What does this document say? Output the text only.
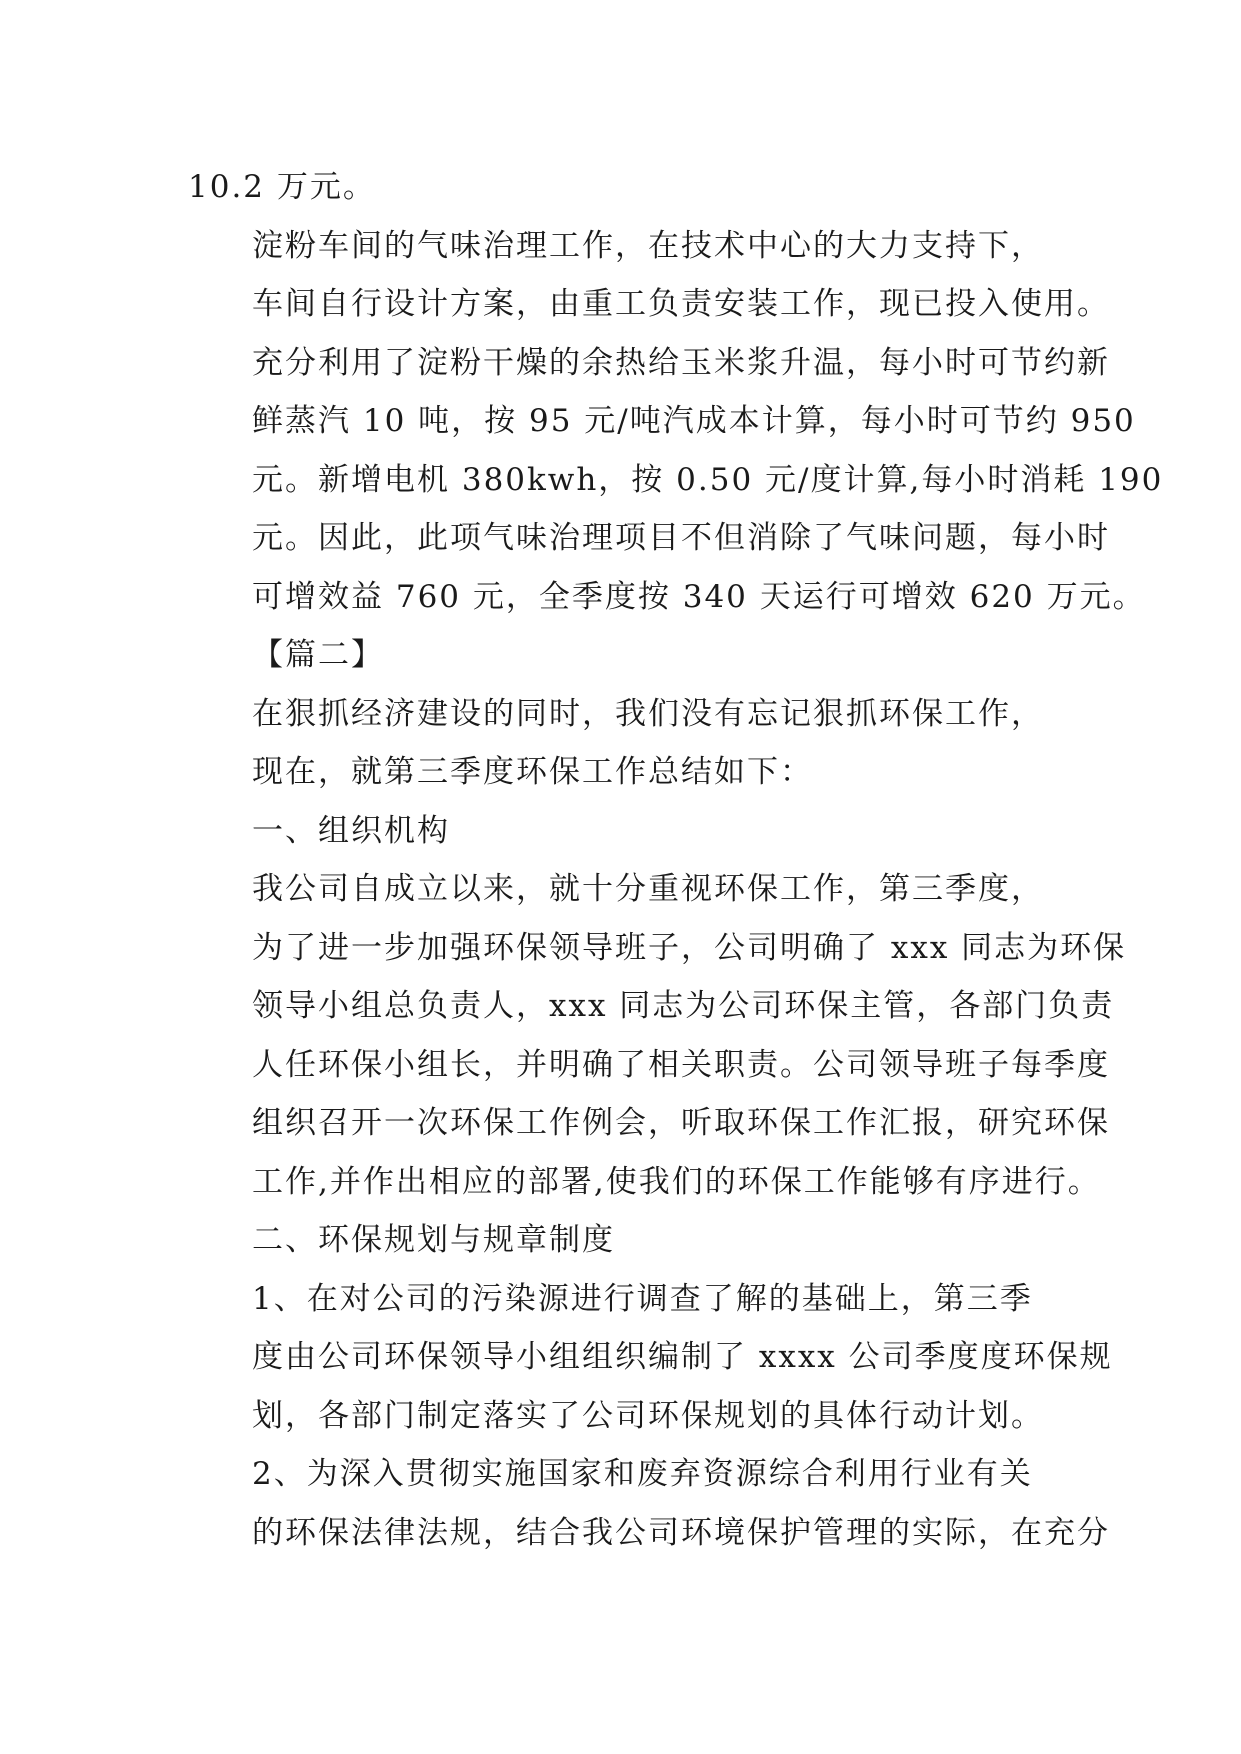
10.2 万元。

淀粉车间的气味治理工作，在技术中心的大力支持下，
车间自行设计方案，由重工负责安装工作，现已投入使用。
充分利用了淀粉干燥的余热给玉米浆升温，每小时可节约新
鲜蒸汽 10 吨，按 95 元/吨汽成本计算，每小时可节约 950
元。新增电机 380kwh，按 0.50 元/度计算,每小时消耗 190
元。因此，此项气味治理项目不但消除了气味问题，每小时
可增效益 760 元，全季度按 340 天运行可增效 620 万元。

【篇二】

在狠抓经济建设的同时，我们没有忘记狠抓环保工作，
现在，就第三季度环保工作总结如下：

一、组织机构

我公司自成立以来，就十分重视环保工作，第三季度，
为了进一步加强环保领导班子，公司明确了 xxx 同志为环保
领导小组总负责人，xxx 同志为公司环保主管，各部门负责
人任环保小组长，并明确了相关职责。公司领导班子每季度
组织召开一次环保工作例会，听取环保工作汇报，研究环保
工作,并作出相应的部署,使我们的环保工作能够有序进行。

二、环保规划与规章制度

1、在对公司的污染源进行调查了解的基础上，第三季
度由公司环保领导小组组织编制了 xxxx 公司季度度环保规
划，各部门制定落实了公司环保规划的具体行动计划。

2、为深入贯彻实施国家和废弃资源综合利用行业有关
的环保法律法规，结合我公司环境保护管理的实际，在充分
